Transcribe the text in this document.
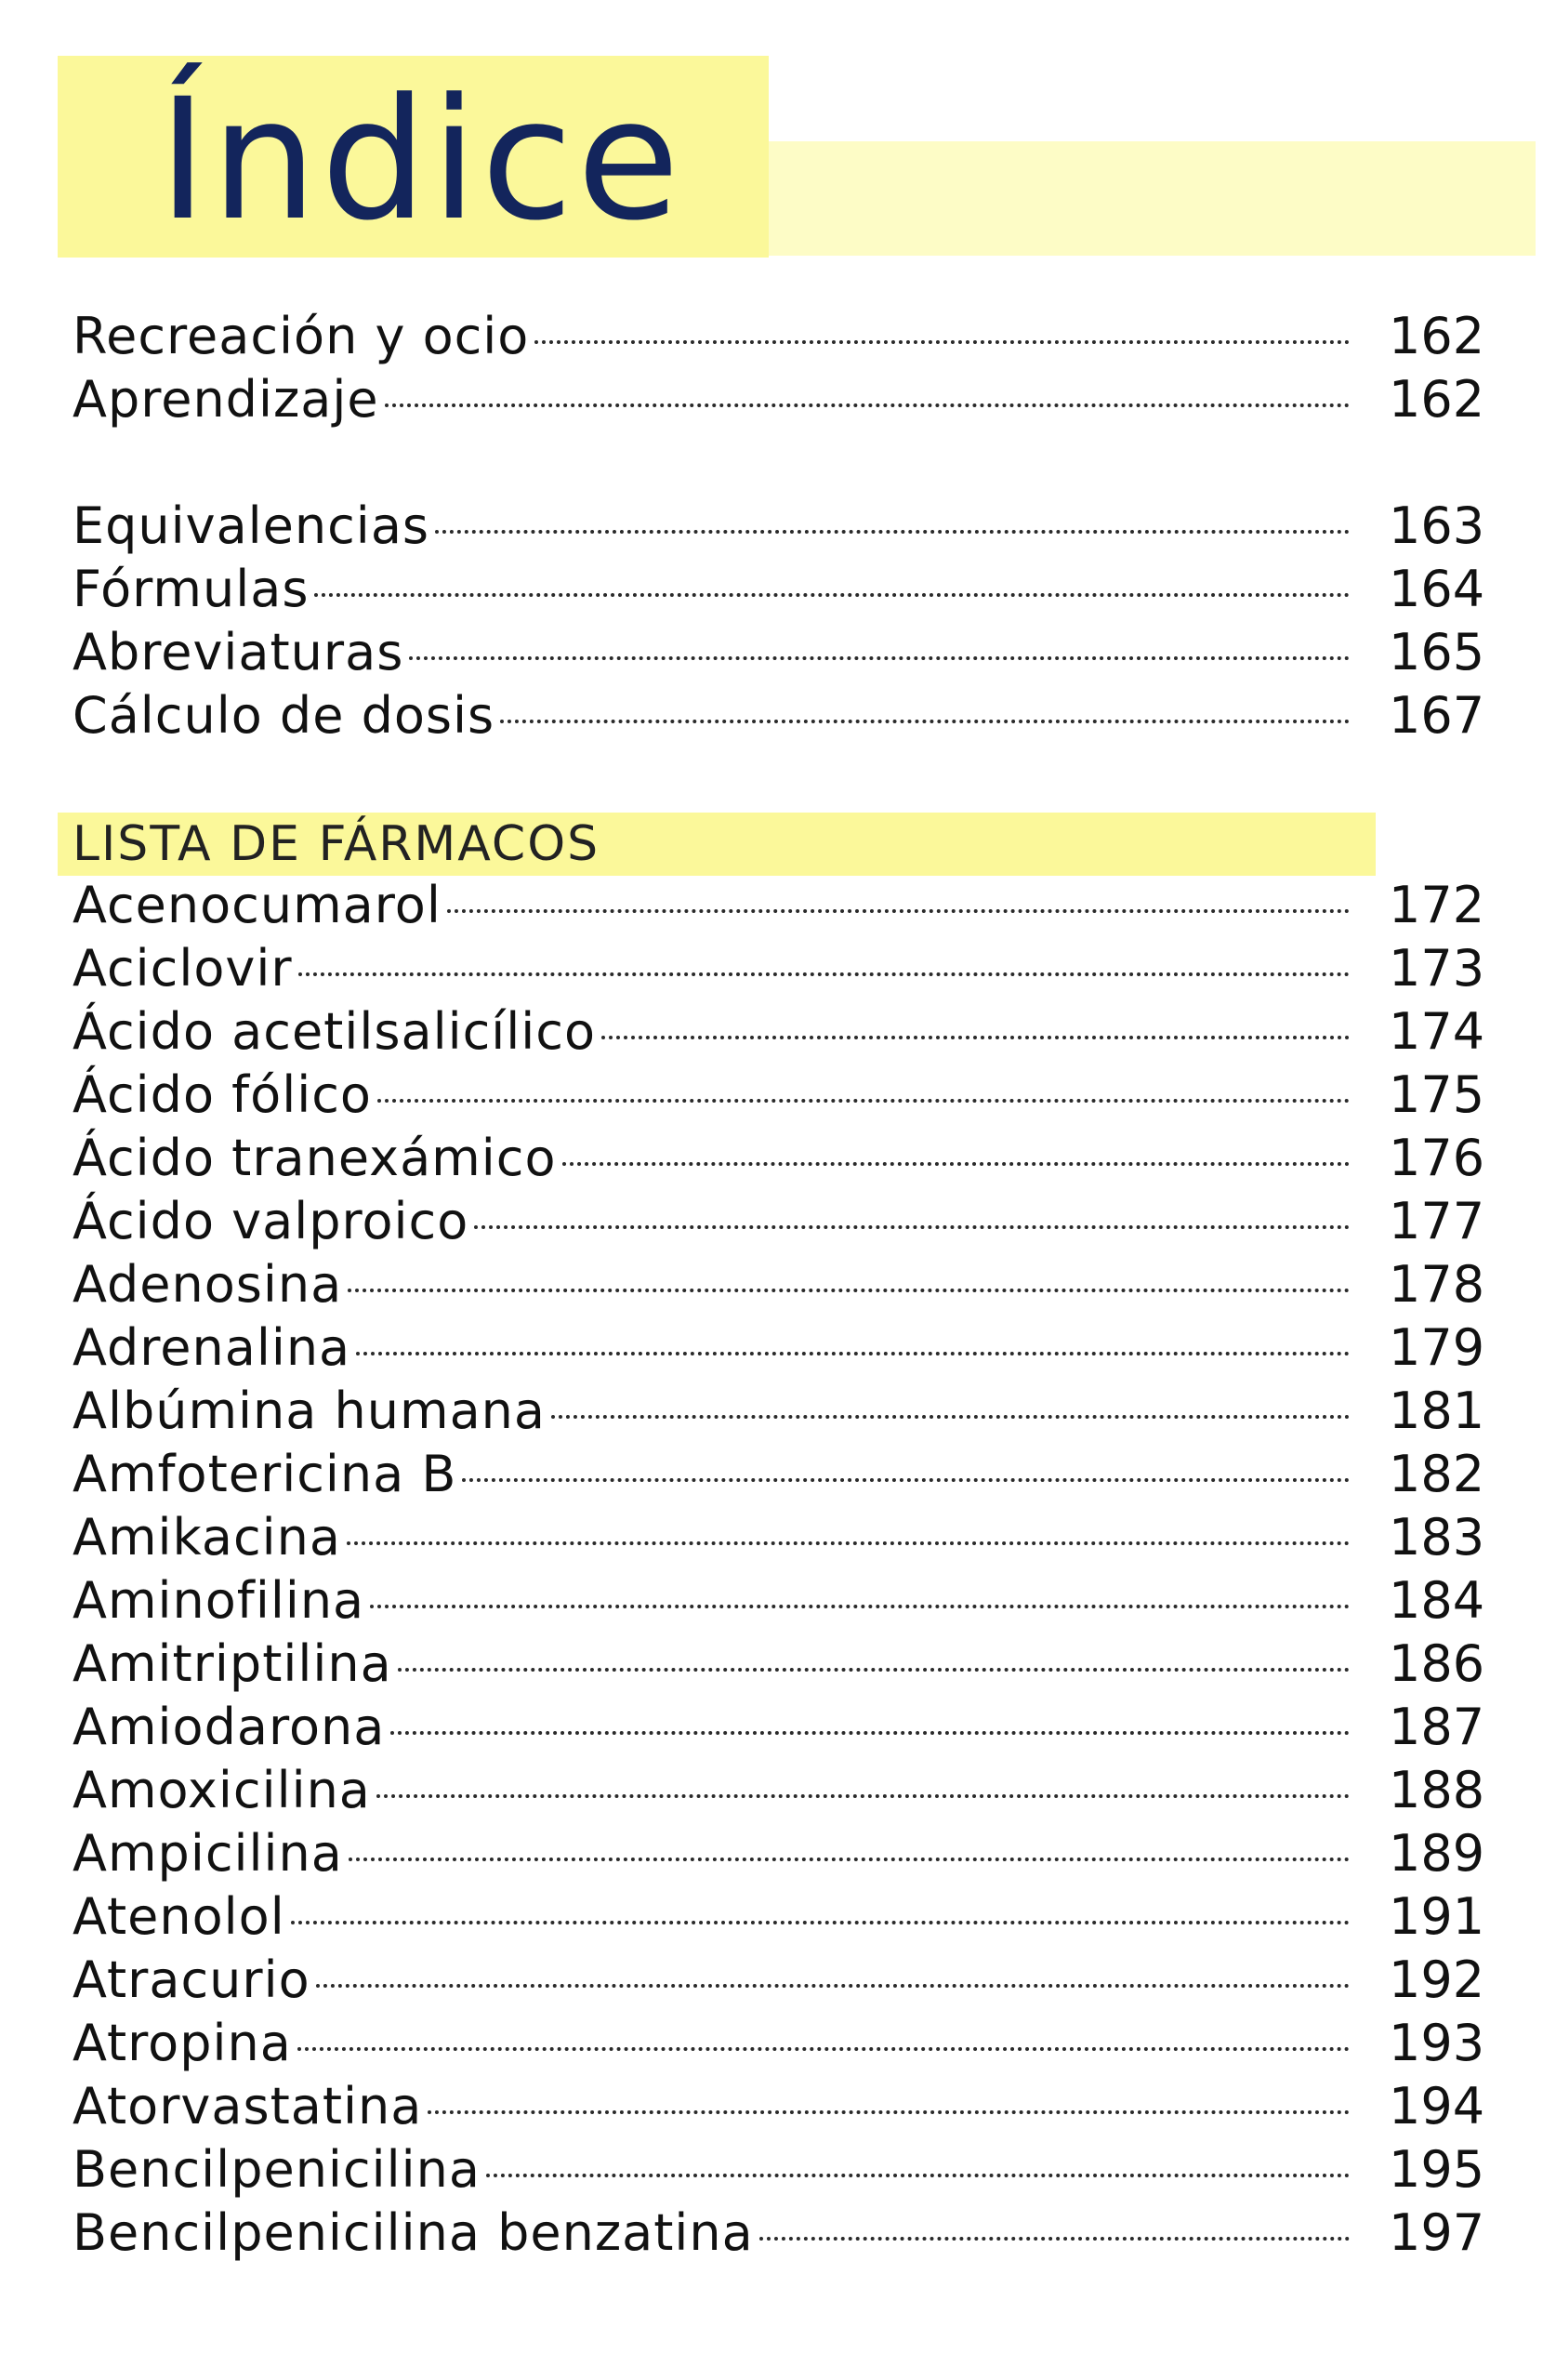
Índice
Recreación y ocio	162
Aprendizaje	162
Equivalencias	163
Fórmulas	164
Abreviaturas	165
Cálculo de dosis	167
LISTA DE FÁRMACOS
Acenocumarol	172
Aciclovir	173
Ácido acetilsalicílico	174
Ácido fólico	175
Ácido tranexámico	176
Ácido valproico	177
Adenosina	178
Adrenalina	179
Albúmina humana	181
Amfotericina B	182
Amikacina	183
Aminofilina	184
Amitriptilina	186
Amiodarona	187
Amoxicilina	188
Ampicilina	189
Atenolol	191
Atracurio	192
Atropina	193
Atorvastatina	194
Bencilpenicilina	195
Bencilpenicilina benzatina	197
